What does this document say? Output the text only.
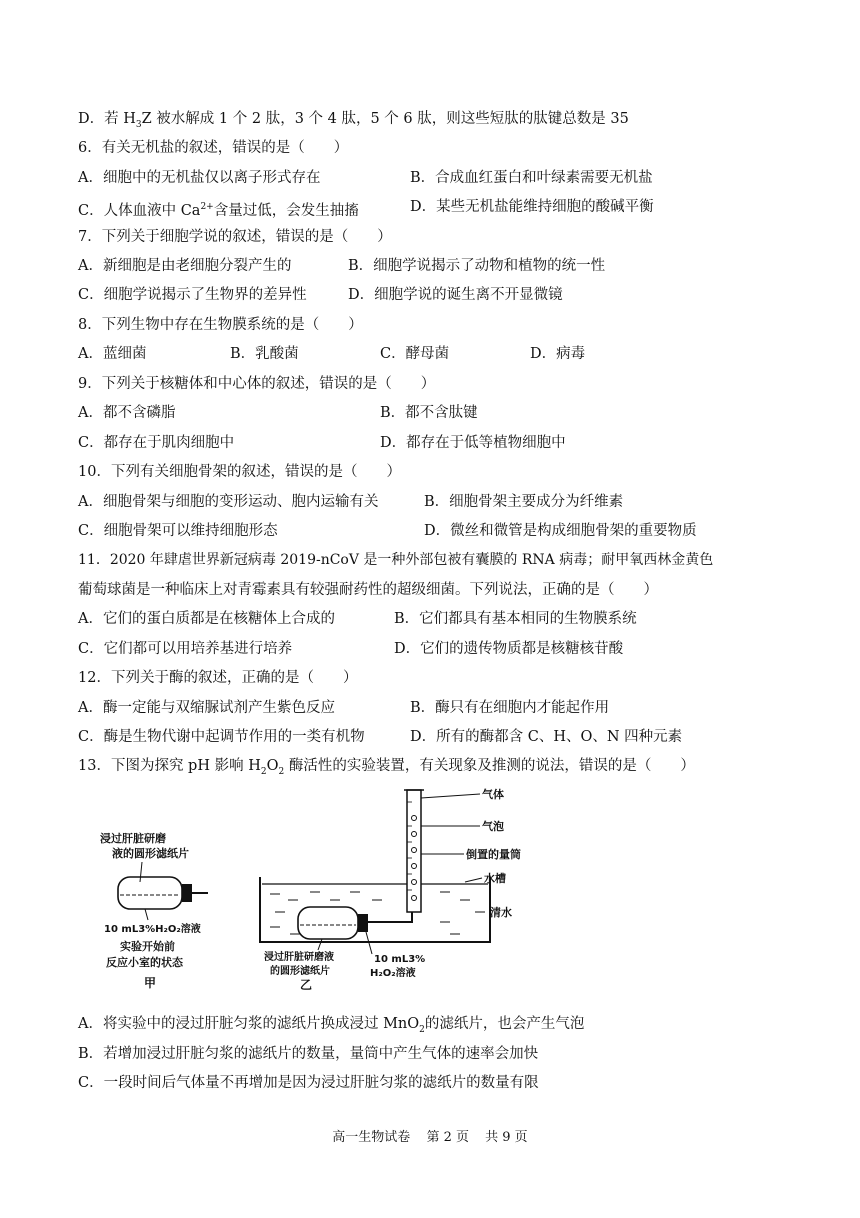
D．若 $H_3Z$ 被水解成 1 个 2 肽，3 个 4 肽，5 个 6 肽，则这些短肽的肽键总数是 35
6．有关无机盐的叙述，错误的是（　　）
A．细胞中的无机盐仅以离子形式存在	B．合成血红蛋白和叶绿素需要无机盐
C．人体血液中 $Ca^{2+}$含量过低，会发生抽搐	D．某些无机盐能维持细胞的酸碱平衡
7．下列关于细胞学说的叙述，错误的是（　　）
A．新细胞是由老细胞分裂产生的	B．细胞学说揭示了动物和植物的统一性
C．细胞学说揭示了生物界的差异性	D．细胞学说的诞生离不开显微镜
8．下列生物中存在生物膜系统的是（　　）
A．蓝细菌	B．乳酸菌	C．酵母菌	D．病毒
9．下列关于核糖体和中心体的叙述，错误的是（　　）
A．都不含磷脂	B．都不含肽键
C．都存在于肌肉细胞中	D．都存在于低等植物细胞中
10．下列有关细胞骨架的叙述，错误的是（　　）
A．细胞骨架与细胞的变形运动、胞内运输有关	B．细胞骨架主要成分为纤维素
C．细胞骨架可以维持细胞形态	D．微丝和微管是构成细胞骨架的重要物质
11．2020 年肆虐世界新冠病毒 2019-nCoV 是一种外部包被有囊膜的 RNA 病毒；耐甲氧西林金黄色
葡萄球菌是一种临床上对青霉素具有较强耐药性的超级细菌。下列说法，正确的是（　　）
A．它们的蛋白质都是在核糖体上合成的	B．它们都具有基本相同的生物膜系统
C．它们都可以用培养基进行培养	D．它们的遗传物质都是核糖核苷酸
12．下列关于酶的叙述，正确的是（　　）
A．酶一定能与双缩脲试剂产生紫色反应	B．酶只有在细胞内才能起作用
C．酶是生物代谢中起调节作用的一类有机物	D．所有的酶都含 C、H、O、N 四种元素
13．下图为探究 pH 影响 $H_2O_2$ 酶活性的实验装置，有关现象及推测的说法，错误的是（　　）
浸过肝脏研磨
液的圆形滤纸片
10 mL3%H₂O₂溶液
实验开始前
反应小室的状态
甲
气体
气泡
倒置的量筒
水槽
清水
浸过肝脏研磨液
的圆形滤纸片
10 mL3%
H₂O₂溶液
乙
A．将实验中的浸过肝脏匀浆的滤纸片换成浸过 MnO$_2$的滤纸片，也会产生气泡
B．若增加浸过肝脏匀浆的滤纸片的数量，量筒中产生气体的速率会加快
C．一段时间后气体量不再增加是因为浸过肝脏匀浆的滤纸片的数量有限
高一生物试卷 第 2 页 共 9 页
